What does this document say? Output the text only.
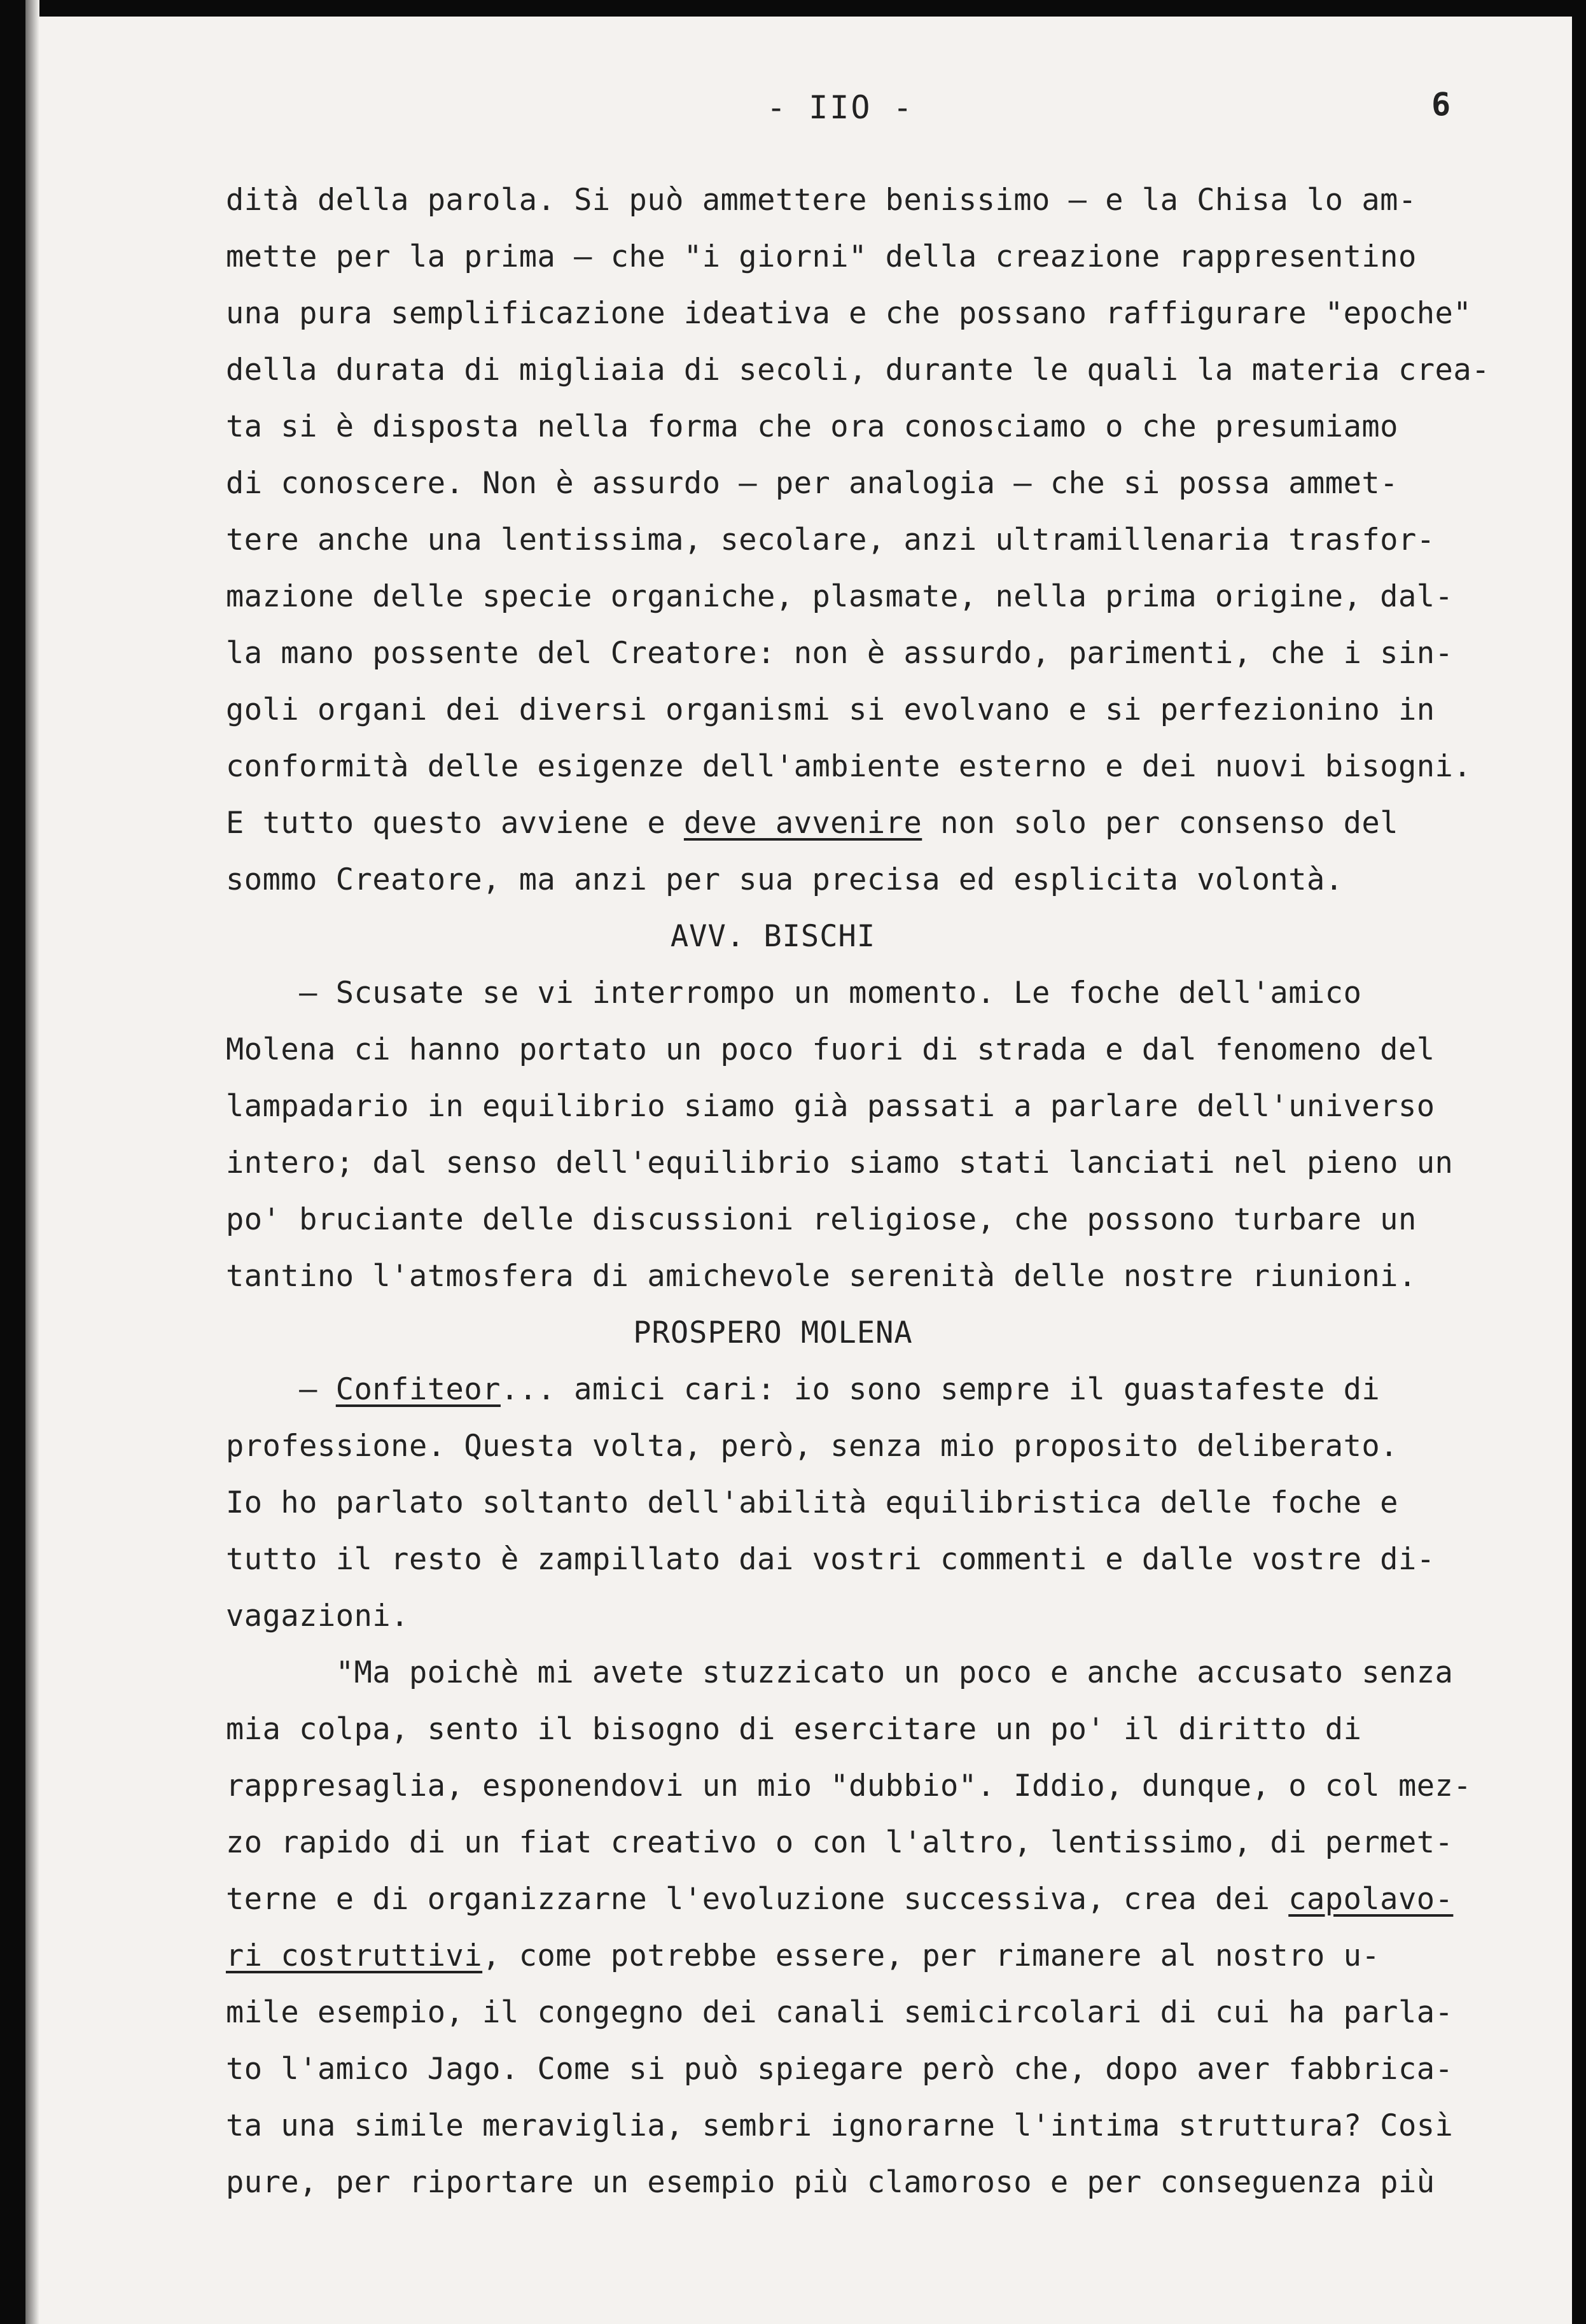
- IIO -	6
dità della parola. Si può ammettere benissimo — e la Chisa lo am-
mette per la prima — che "i giorni" della creazione rappresentino
una pura semplificazione ideativa e che possano raffigurare "epoche"
della durata di migliaia di secoli, durante le quali la materia crea-
ta si è disposta nella forma che ora conosciamo o che presumiamo
di conoscere. Non è assurdo — per analogia — che si possa ammet-
tere anche una lentissima, secolare, anzi ultramillenaria trasfor-
mazione delle specie organiche, plasmate, nella prima origine, dal-
la mano possente del Creatore: non è assurdo, parimenti, che i sin-
goli organi dei diversi organismi si evolvano e si perfezionino in
conformità delle esigenze dell'ambiente esterno e dei nuovi bisogni.
E tutto questo avviene e deve avvenire non solo per consenso del
sommo Creatore, ma anzi per sua precisa ed esplicita volontà.
AVV. BISCHI
— Scusate se vi interrompo un momento. Le foche dell'amico
Molena ci hanno portato un poco fuori di strada e dal fenomeno del
lampadario in equilibrio siamo già passati a parlare dell'universo
intero; dal senso dell'equilibrio siamo stati lanciati nel pieno un
po' bruciante delle discussioni religiose, che possono turbare un
tantino l'atmosfera di amichevole serenità delle nostre riunioni.
PROSPERO MOLENA
— Confiteor... amici cari: io sono sempre il guastafeste di
professione. Questa volta, però, senza mio proposito deliberato.
Io ho parlato soltanto dell'abilità equilibristica delle foche e
tutto il resto è zampillato dai vostri commenti e dalle vostre di-
vagazioni.
"Ma poichè mi avete stuzzicato un poco e anche accusato senza
mia colpa, sento il bisogno di esercitare un po' il diritto di
rappresaglia, esponendovi un mio "dubbio". Iddio, dunque, o col mez-
zo rapido di un fiat creativo o con l'altro, lentissimo, di permet-
terne e di organizzarne l'evoluzione successiva, crea dei capolavo-
ri costruttivi, come potrebbe essere, per rimanere al nostro u-
mile esempio, il congegno dei canali semicircolari di cui ha parla-
to l'amico Jago. Come si può spiegare però che, dopo aver fabbrica-
ta una simile meraviglia, sembri ignorarne l'intima struttura? Così
pure, per riportare un esempio più clamoroso e per conseguenza più
